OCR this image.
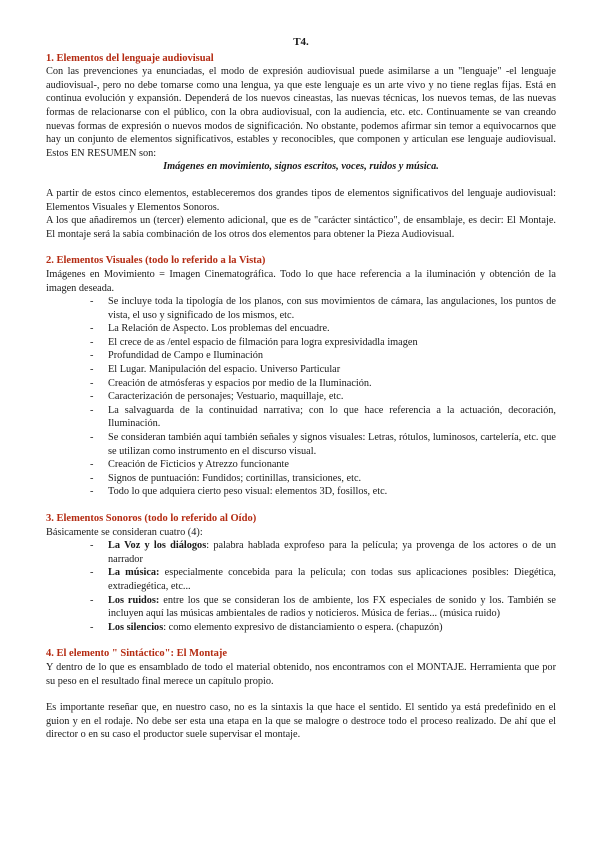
T4.
1. Elementos del lenguaje audiovisual

Con las prevenciones ya enunciadas, el modo de expresión audiovisual puede asimilarse a un "lenguaje" -el lenguaje audiovisual-, pero no debe tomarse como una lengua, ya que este lenguaje es un arte vivo y no tiene reglas fijas. Está en continua evolución y expansión. Dependerá de los nuevos cineastas, las nuevas técnicas, los nuevos temas, de las nuevas formas de relacionarse con el público, con la obra audiovisual, con la audiencia, etc. etc. Continuamente se van creando nuevas formas de expresión o nuevos modos de significación. No obstante, podemos afirmar sin temor a equivocarnos que hay un conjunto de elementos significativos, estables y reconocibles, que componen y articulan ese lenguaje audiovisual. Estos EN RESUMEN son:

Imágenes en movimiento, signos escritos, voces, ruidos y música.

A partir de estos cinco elementos, estableceremos dos grandes tipos de elementos significativos del lenguaje audiovisual: Elementos Visuales y Elementos Sonoros.

A los que añadiremos un (tercer) elemento adicional, que es de "carácter sintáctico", de ensamblaje, es decir: El Montaje. El montaje será la sabia combinación de los otros dos elementos para obtener la Pieza Audiovisual.

2. Elementos Visuales (todo lo referido a la Vista)

Imágenes en Movimiento = Imagen Cinematográfica. Todo lo que hace referencia a la iluminación y obtención de la imagen deseada.

- Se incluye toda la tipología de los planos, con sus movimientos de cámara, las angulaciones, los puntos de vista, el uso y significado de los mismos, etc.
- La Relación de Aspecto. Los problemas del encuadre.
- El crece de as /entel espacio de filmación para logra expresividadla imagen
- Profundidad de Campo e Iluminación
- El Lugar. Manipulación del espacio. Universo Particular
- Creación de atmósferas y espacios por medio de la Iluminación.
- Caracterización de personajes; Vestuario, maquillaje, etc.
- La salvaguarda de la continuidad narrativa; con lo que hace referencia a la actuación, decoración, Iluminación.
- Se consideran también aquí también señales y signos visuales: Letras, rótulos, luminosos, cartelería, etc. que se utilizan como instrumento en el discurso visual.
- Creación de Ficticios y Atrezzo funcionante
- Signos de puntuación: Fundidos; cortinillas, transiciones, etc.
- Todo lo que adquiera cierto peso visual: elementos 3D, fosillos, etc.
3. Elementos Sonoros (todo lo referido al Oído)

Básicamente se consideran cuatro (4):

- La Voz y los diálogos: palabra hablada exprofeso para la película; ya provenga de los actores o de un narrador
- La música: especialmente concebida para la película; con todas sus aplicaciones posibles: Diegética, extradiegética, etc...
- Los ruidos: entre los que se consideran los de ambiente, los FX especiales de sonido y los. También se incluyen aquí las músicas ambientales de radios y noticieros. Música de ferias... (música ruido)
- Los silencios: como elemento expresivo de distanciamiento o espera. (chapuzón)
4. El elemento " Sintáctico": El Montaje

Y dentro de lo que es ensamblado de todo el material obtenido, nos encontramos con el MONTAJE. Herramienta que por su peso en el resultado final merece un capítulo propio.

Es importante reseñar que, en nuestro caso, no es la sintaxis la que hace el sentido. El sentido ya está predefinido en el guion y en el rodaje. No debe ser esta una etapa en la que se malogre o destroce todo el proceso realizado. De ahí que el director o en su caso el productor suele supervisar el montaje.
